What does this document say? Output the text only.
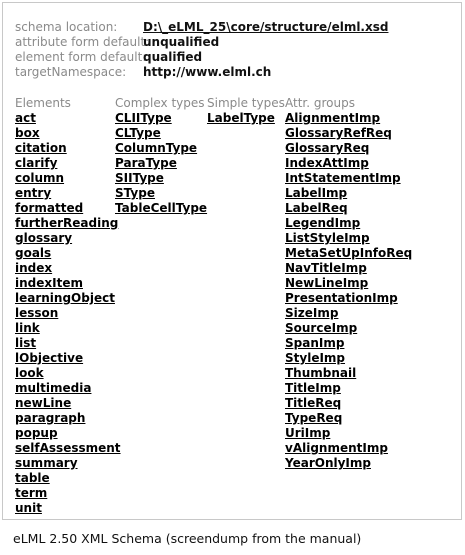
schema location:	D:\_eLML_25\core/structure/elml.xsd
attribute form default:
unqualified
element form default:
qualified
targetNamespace:	http://www.elml.ch
Elements
act
box
citation
clarify
column
entry
formatted
furtherReading
glossary
goals
index
indexItem
learningObject
lesson
link
list
lObjective
look
multimedia
newLine
paragraph
popup
selfAssessment
summary
table
term
unit
Complex types
CLIIType
CLType
ColumnType
ParaType
SIIType
SType
TableCellType
Simple types
LabelType
Attr. groups
AlignmentImp
GlossaryRefReq
GlossaryReq
IndexAttImp
IntStatementImp
LabelImp
LabelReq
LegendImp
ListStyleImp
MetaSetUpInfoReq
NavTitleImp
NewLineImp
PresentationImp
SizeImp
SourceImp
SpanImp
StyleImp
Thumbnail
TitleImp
TitleReq
TypeReq
UriImp
vAlignmentImp
YearOnlyImp
eLML 2.50 XML Schema (screendump from the manual)
